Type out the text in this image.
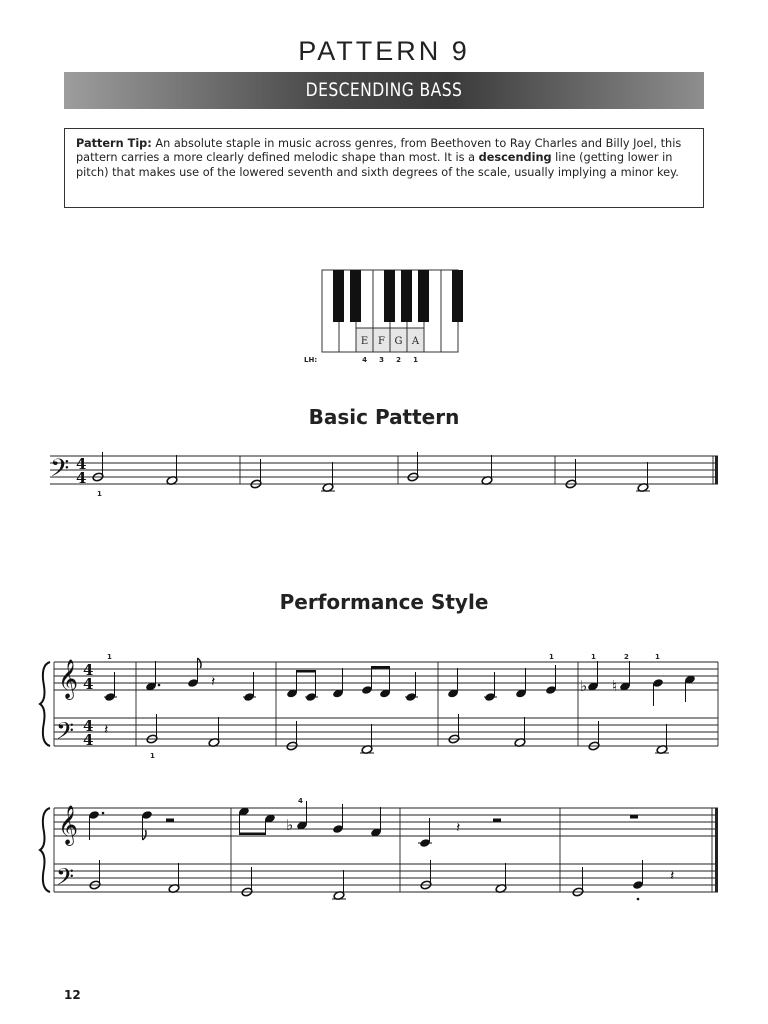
PATTERN 9
DESCENDING BASS
Pattern Tip: An absolute staple in music across genres, from Beethoven to Ray Charles and Billy Joel, this pattern carries a more clearly defined melodic shape than most. It is a descending line (getting lower in pitch) that makes use of the lowered seventh and sixth degrees of the scale, usually implying a minor key.
E F G A
LH:	4 3 2 1
Basic Pattern
Performance Style
𝄢 4
4
1
𝄞
𝄢
4
4
4
4
𝄽	♭ ♮
1	1	1	2	1
𝄽
1
𝄞
𝄢
♭	𝄽
4
𝄽
12
